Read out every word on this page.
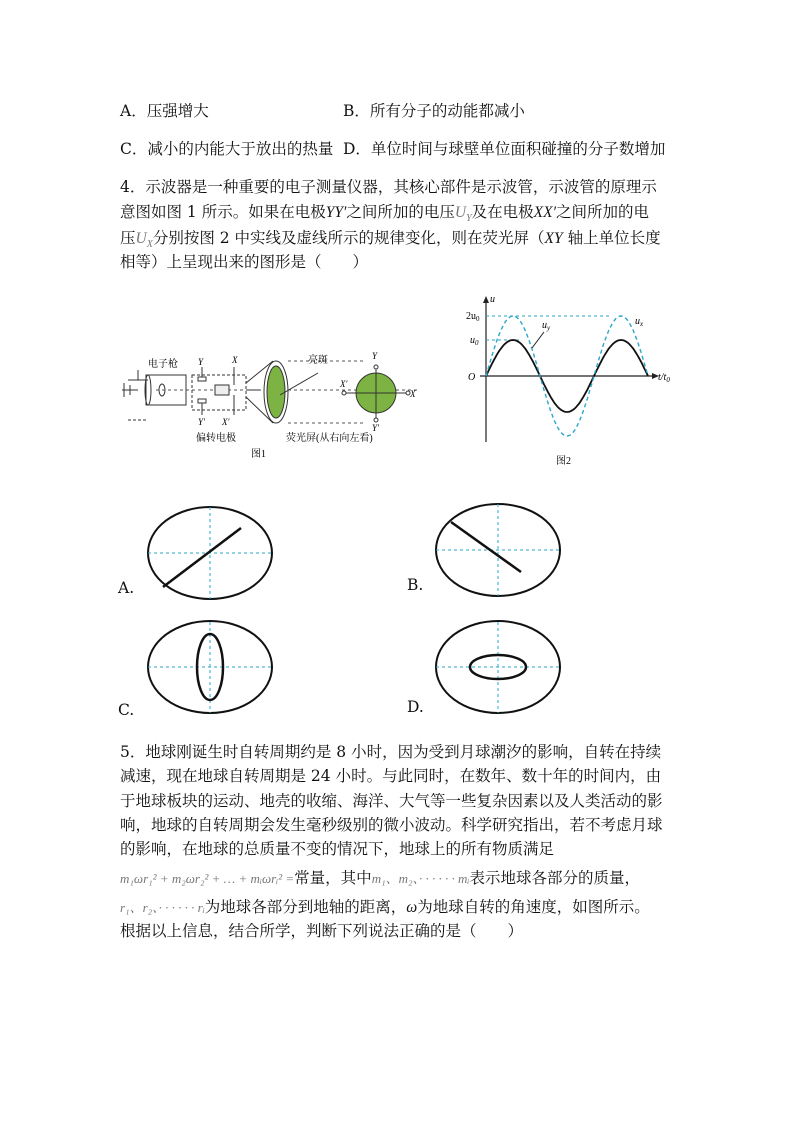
A．压强增大	B．所有分子的动能都减小
C．减小的内能大于放出的热量 D．单位时间与球壁单位面积碰撞的分子数增加
4．示波器是一种重要的电子测量仪器，其核心部件是示波管，示波管的原理示
意图如图 1 所示。如果在电极YY′之间所加的电压$U_Y$及在电极XX′之间所加的电
压$U_X$分别按图 2 中实线及虚线所示的规律变化，则在荧光屏（XY 轴上单位长度
相等）上呈现出来的图形是（　　）
电子枪 Y	X
Y′ X′
亮斑	Y
Y′
X′
X
偏转电极	荧光屏(从右向左看)
图1
u
O	$t/t_0$
$2u_0$
$u_0$
$u_y$
$u_x$
图2
A.	B.
C.	D.
5．地球刚诞生时自转周期约是 8 小时，因为受到月球潮汐的影响，自转在持续
减速，现在地球自转周期是 24 小时。与此同时，在数年、数十年的时间内，由
于地球板块的运动、地壳的收缩、海洋、大气等一些复杂因素以及人类活动的影
响，地球的自转周期会发生毫秒级别的微小波动。科学研究指出，若不考虑月球
的影响，在地球的总质量不变的情况下，地球上的所有物质满足
m₁ωr₁² + m₂ωr₂² + … + mᵢωrᵢ² =常量，其中m₁、m₂、· · · · · · mᵢ表示地球各部分的质量，
r₁、r₂、· · · · · · rᵢ为地球各部分到地轴的距离，ω为地球自转的角速度，如图所示。
根据以上信息，结合所学，判断下列说法正确的是（　　）
